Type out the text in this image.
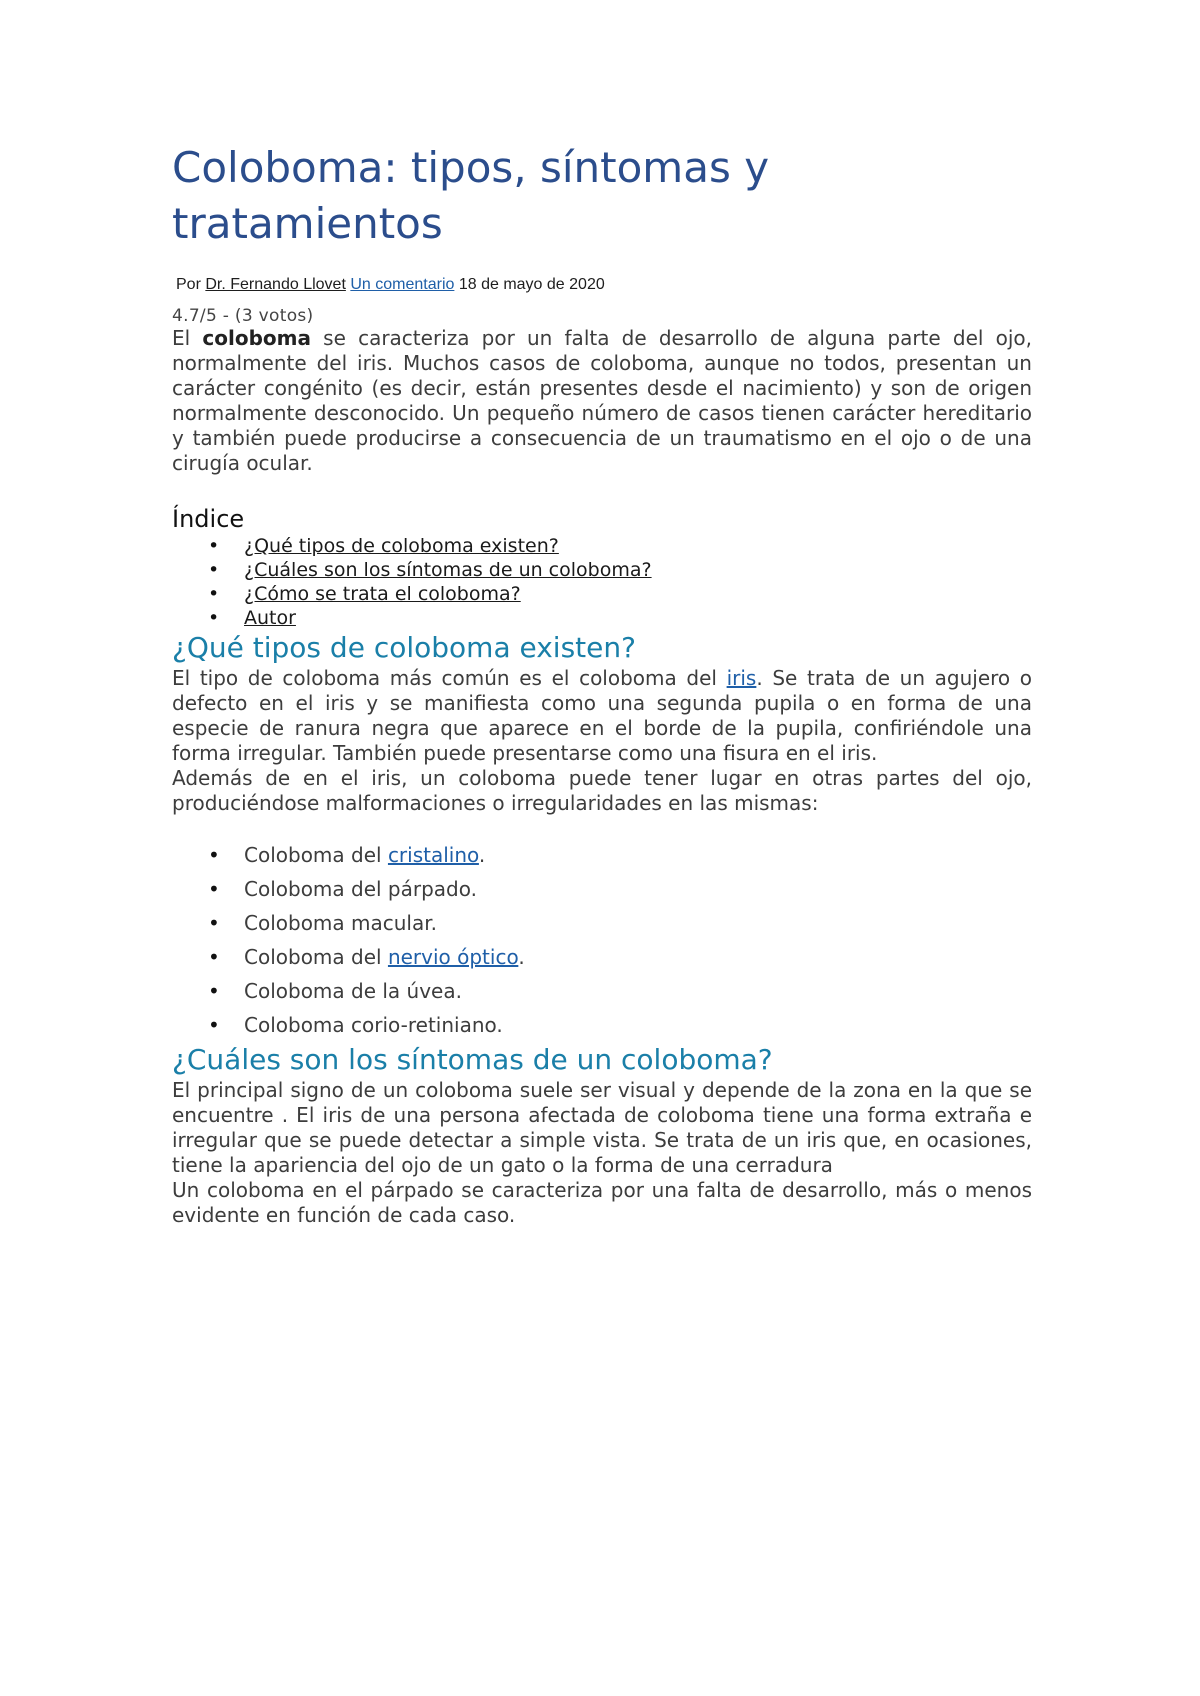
Coloboma: tipos, síntomas y tratamientos
Por Dr. Fernando Llovet Un comentario 18 de mayo de 2020
4.7/5 - (3 votos)

El coloboma se caracteriza por un falta de desarrollo de alguna parte del ojo, normalmente del iris. Muchos casos de coloboma, aunque no todos, presentan un carácter congénito (es decir, están presentes desde el nacimiento) y son de origen normalmente desconocido. Un pequeño número de casos tienen carácter hereditario y también puede producirse a consecuencia de un traumatismo en el ojo o de una cirugía ocular.

Índice
• ¿Qué tipos de coloboma existen?
• ¿Cuáles son los síntomas de un coloboma?
• ¿Cómo se trata el coloboma?
• Autor
¿Qué tipos de coloboma existen?

El tipo de coloboma más común es el coloboma del iris. Se trata de un agujero o defecto en el iris y se manifiesta como una segunda pupila o en forma de una especie de ranura negra que aparece en el borde de la pupila, confiriéndole una forma irregular. También puede presentarse como una fisura en el iris.

Además de en el iris, un coloboma puede tener lugar en otras partes del ojo, produciéndose malformaciones o irregularidades en las mismas:

• Coloboma del cristalino.
• Coloboma del párpado.
• Coloboma macular.
• Coloboma del nervio óptico.
• Coloboma de la úvea.
• Coloboma corio-retiniano.
¿Cuáles son los síntomas de un coloboma?

El principal signo de un coloboma suele ser visual y depende de la zona en la que se encuentre . El iris de una persona afectada de coloboma tiene una forma extraña e irregular que se puede detectar a simple vista. Se trata de un iris que, en ocasiones, tiene la apariencia del ojo de un gato o la forma de una cerradura

Un coloboma en el párpado se caracteriza por una falta de desarrollo, más o menos evidente en función de cada caso.
